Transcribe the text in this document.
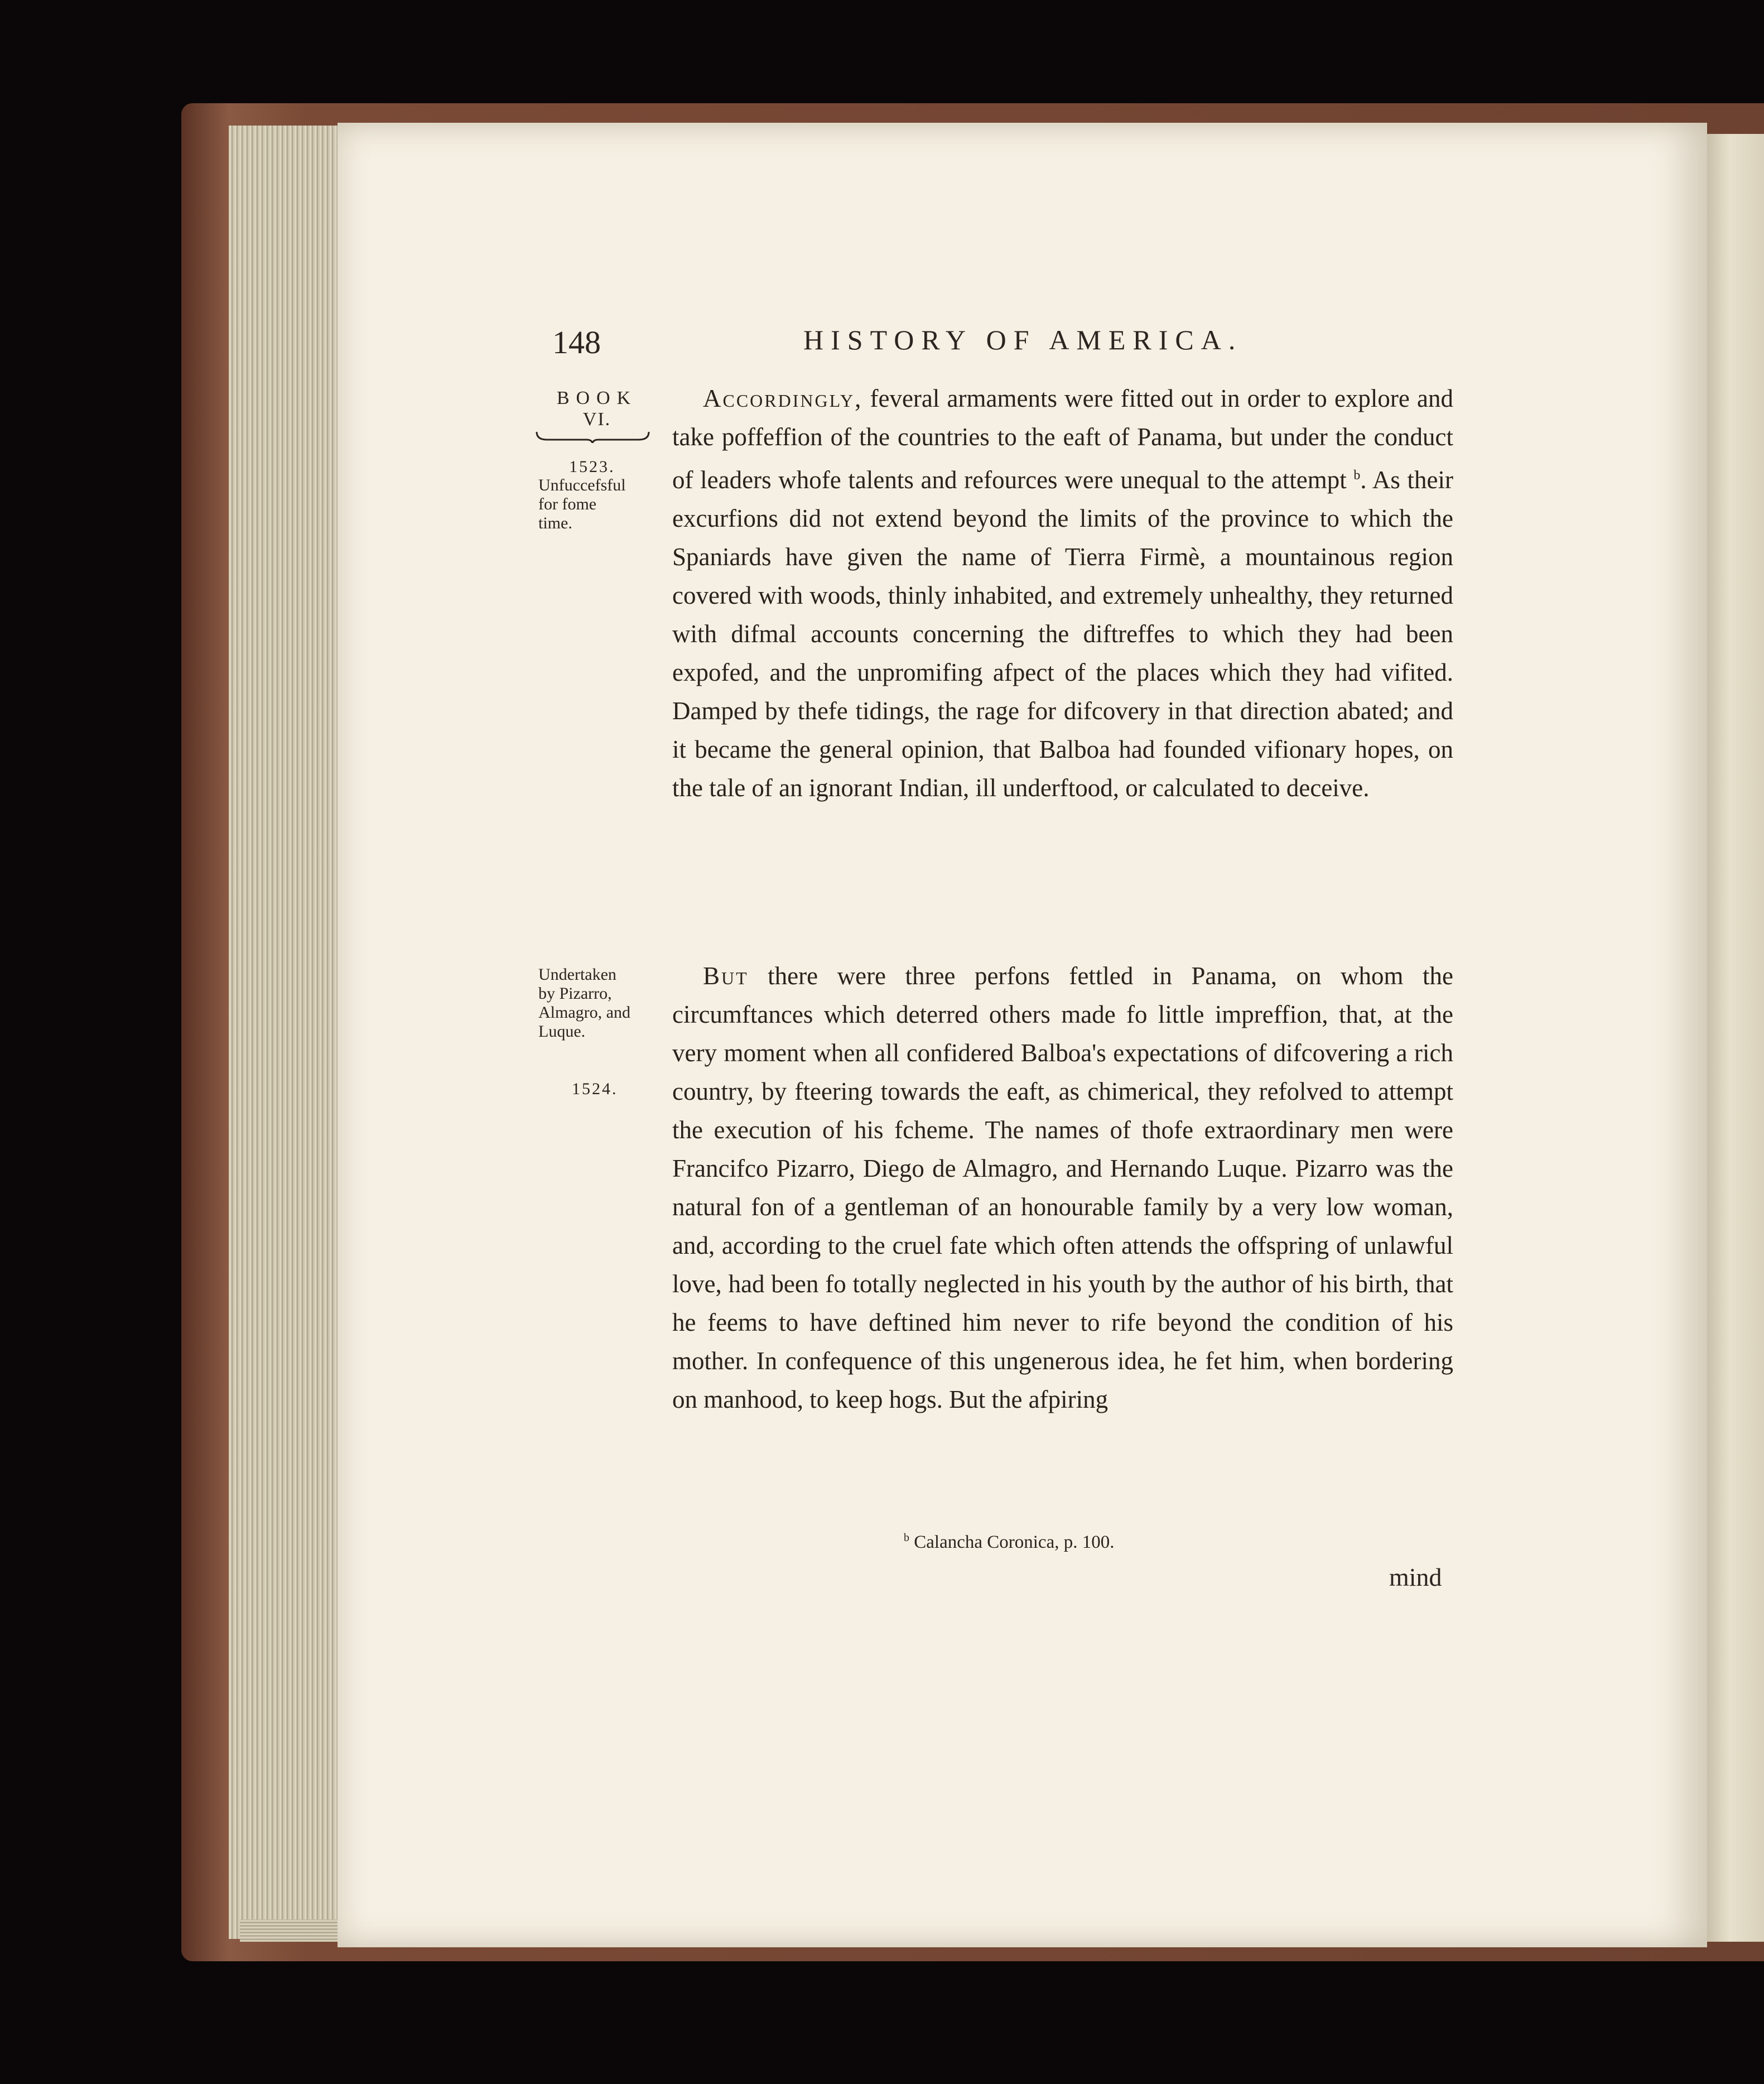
148	HISTORY OF AMERICA.
BOOK
VI.
1523.
Unfuccefsful
for fome
time.
Undertaken
by Pizarro,
Almagro, and
Luque.
1524.

Accordingly, feveral armaments were fitted out in order to explore and take poffeffion of the countries to the eaft of Panama, but under the conduct of leaders whofe talents and refources were unequal to the attempt $^b$. As their excurfions did not extend beyond the limits of the province to which the Spaniards have given the name of Tierra Firmè, a mountainous region covered with woods, thinly inhabited, and extremely unhealthy, they returned with difmal accounts concerning the diftreffes to which they had been expofed, and the unpromifing afpect of the places which they had vifited. Damped by thefe tidings, the rage for difcovery in that direction abated; and it became the general opinion, that Balboa had founded vifionary hopes, on the tale of an ignorant Indian, ill underftood, or calculated to deceive.

But there were three perfons fettled in Panama, on whom the circumftances which deterred others made fo little impreffion, that, at the very moment when all confidered Balboa's expectations of difcovering a rich country, by fteering towards the eaft, as chimerical, they refolved to attempt the execution of his fcheme. The names of thofe extraordinary men were Francifco Pizarro, Diego de Almagro, and Hernando Luque. Pizarro was the natural fon of a gentleman of an honourable family by a very low woman, and, according to the cruel fate which often attends the offspring of unlawful love, had been fo totally neglected in his youth by the author of his birth, that he feems to have deftined him never to rife beyond the condition of his mother. In confequence of this ungenerous idea, he fet him, when bordering on manhood, to keep hogs. But the afpiring

$^b$ Calancha Coronica, p. 100.
mind
